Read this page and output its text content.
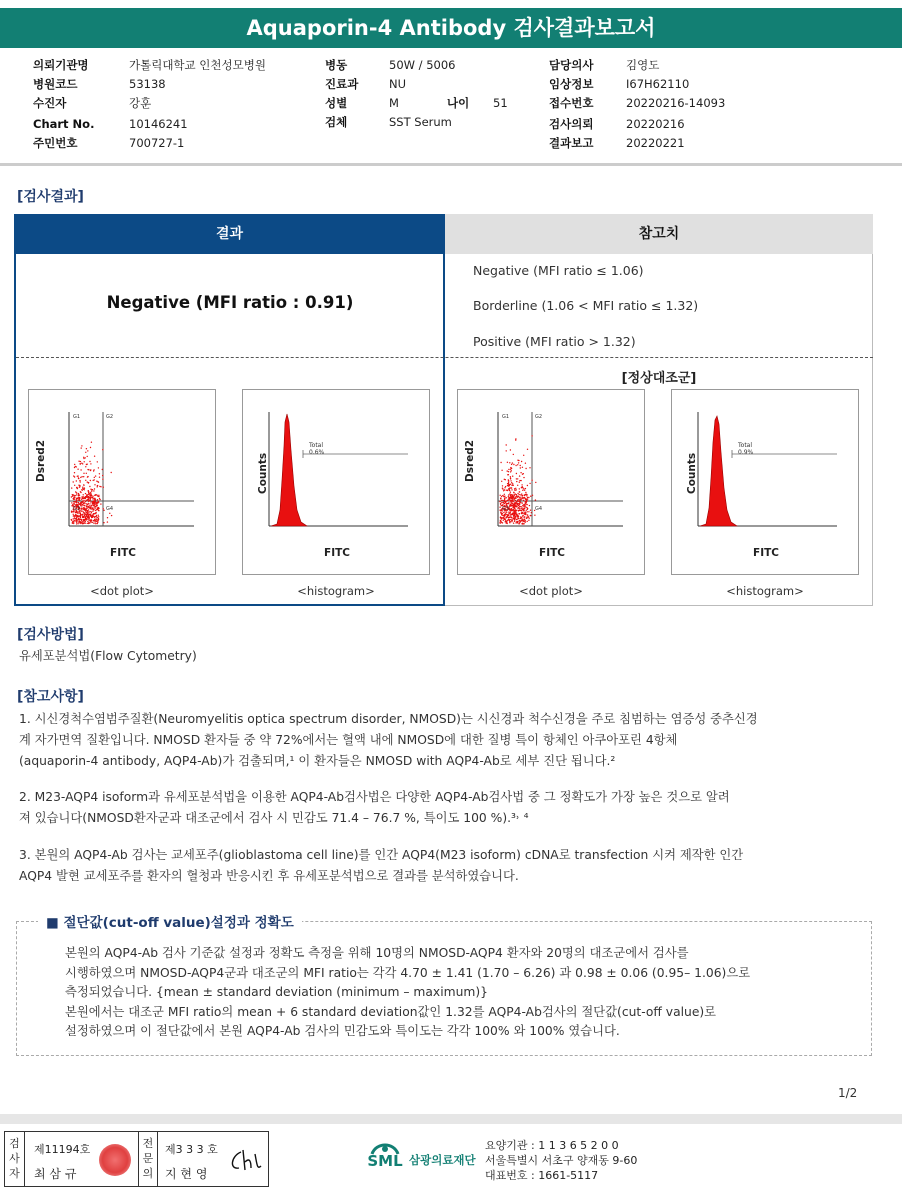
Aquaporin-4 Antibody 검사결과보고서
의뢰기관명	가톨릭대학교 인천성모병원
병원코드	53138
수진자	강훈
Chart No.	10146241
주민번호	700727-1
병동	50W / 5006
진료과	NU
성별	M	나이 51
검체	SST Serum
담당의사	김영도
임상정보	I67H62110
접수번호	20220216-14093
검사의뢰	20220216
결과보고	20220221
[검사결과]
결과	참고치
Negative (MFI ratio : 0.91)
Negative (MFI ratio ≤ 1.06)
Borderline (1.06 < MFI ratio ≤ 1.32)
Positive (MFI ratio > 1.32)
[정상대조군]
G1	G2
G3	G4
Dsred2
FITC
<dot plot>
Total
0.6%
Counts
FITC
<histogram>
G1	G2
G3	G4
Dsred2
FITC
<dot plot>
Total
0.9%
Counts
FITC
<histogram>
[검사방법]
유세포분석법(Flow Cytometry)
[참고사항]
1. 시신경척수염범주질환(Neuromyelitis optica spectrum disorder, NMOSD)는 시신경과 척수신경을 주로 침범하는 염증성 중추신경
계 자가면역 질환입니다. NMOSD 환자들 중 약 72%에서는 혈액 내에 NMOSD에 대한 질병 특이 항체인 아쿠아포린 4항체
(aquaporin-4 antibody, AQP4-Ab)가 검출되며,¹ 이 환자들은 NMOSD with AQP4-Ab로 세부 진단 됩니다.²
2. M23-AQP4 isoform과 유세포분석법을 이용한 AQP4-Ab검사법은 다양한 AQP4-Ab검사법 중 그 정확도가 가장 높은 것으로 알려
져 있습니다(NMOSD환자군과 대조군에서 검사 시 민감도 71.4 – 76.7 %, 특이도 100 %).³˒ ⁴
3. 본원의 AQP4-Ab 검사는 교세포주(glioblastoma cell line)를 인간 AQP4(M23 isoform) cDNA로 transfection 시켜 제작한 인간
AQP4 발현 교세포주를 환자의 혈청과 반응시킨 후 유세포분석법으로 결과를 분석하였습니다.
■ 절단값(cut-off value)설정과 정확도
본원의 AQP4-Ab 검사 기준값 설정과 정확도 측정을 위해 10명의 NMOSD-AQP4 환자와 20명의 대조군에서 검사를
시행하였으며 NMOSD-AQP4군과 대조군의 MFI ratio는 각각 4.70 ± 1.41 (1.70 – 6.26) 과 0.98 ± 0.06 (0.95– 1.06)으로
측정되었습니다. {mean ± standard deviation (minimum – maximum)}
본원에서는 대조군 MFI ratio의 mean + 6 standard deviation값인 1.32를 AQP4-Ab검사의 절단값(cut-off value)로
설정하였으며 이 절단값에서 본원 AQP4-Ab 검사의 민감도와 특이도는 각각 100% 와 100% 였습니다.
1/2
검사자
제11194호
최 삼 규
전문의
제3 3 3 호
지 현 영
SML 삼광의료재단
요양기관 : 1 1 3 6 5 2 0 0
서울특별시 서초구 양재동 9-60
대표번호 : 1661-5117
